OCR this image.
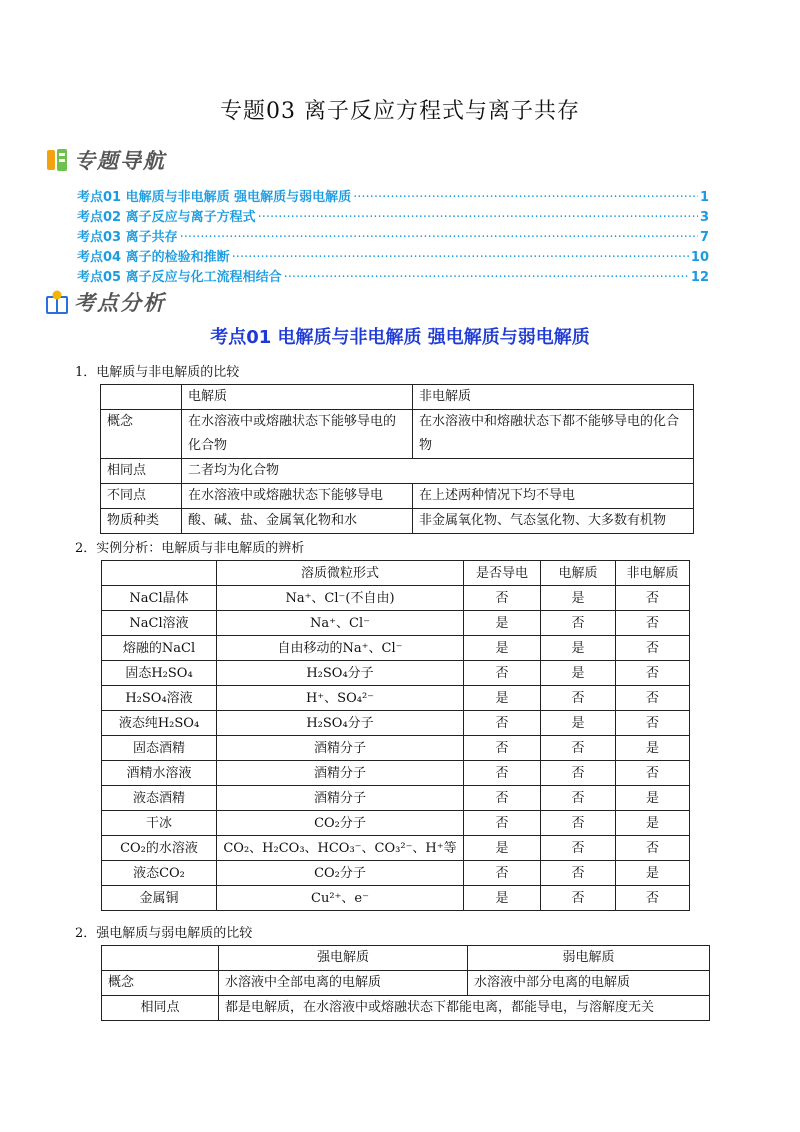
专题03 离子反应方程式与离子共存
专题导航
考点01 电解质与非电解质 强电解质与弱电解质 ·····	1
考点02 离子反应与离子方程式 ·····	3
考点03 离子共存 ·····	7
考点04 离子的检验和推断 ·····	10
考点05 离子反应与化工流程相结合 ·····	12
考点分析
考点01 电解质与非电解质 强电解质与弱电解质
1．电解质与非电解质的比较
	电解质	非电解质
概念	在水溶液中或熔融状态下能够导电的化合物	在水溶液中和熔融状态下都不能够导电的化合物
相同点	二者均为化合物	
不同点	在水溶液中或熔融状态下能够导电	在上述两种情况下均不导电
物质种类	酸、碱、盐、金属氧化物和水	非金属氧化物、气态氢化物、大多数有机物
2．实例分析：电解质与非电解质的辨析
	溶质微粒形式	是否导电	电解质	非电解质
NaCl晶体	Na⁺、Cl⁻(不自由)	否	是	否
NaCl溶液	Na⁺、Cl⁻	是	否	否
熔融的NaCl	自由移动的Na⁺、Cl⁻	是	是	否
固态H₂SO₄	H₂SO₄分子	否	是	否
H₂SO₄溶液	H⁺、SO₄²⁻	是	否	否
液态纯H₂SO₄	H₂SO₄分子	否	是	否
固态酒精	酒精分子	否	否	是
酒精水溶液	酒精分子	否	否	否
液态酒精	酒精分子	否	否	是
干冰	CO₂分子	否	否	是
CO₂的水溶液	CO₂、H₂CO₃、HCO₃⁻、CO₃²⁻、H⁺等	是	否	否
液态CO₂	CO₂分子	否	否	是
金属铜	Cu²⁺、e⁻	是	否	否
2．强电解质与弱电解质的比较
	强电解质	弱电解质
概念	水溶液中全部电离的电解质	水溶液中部分电离的电解质
相同点	都是电解质，在水溶液中或熔融状态下都能电离，都能导电，与溶解度无关	
